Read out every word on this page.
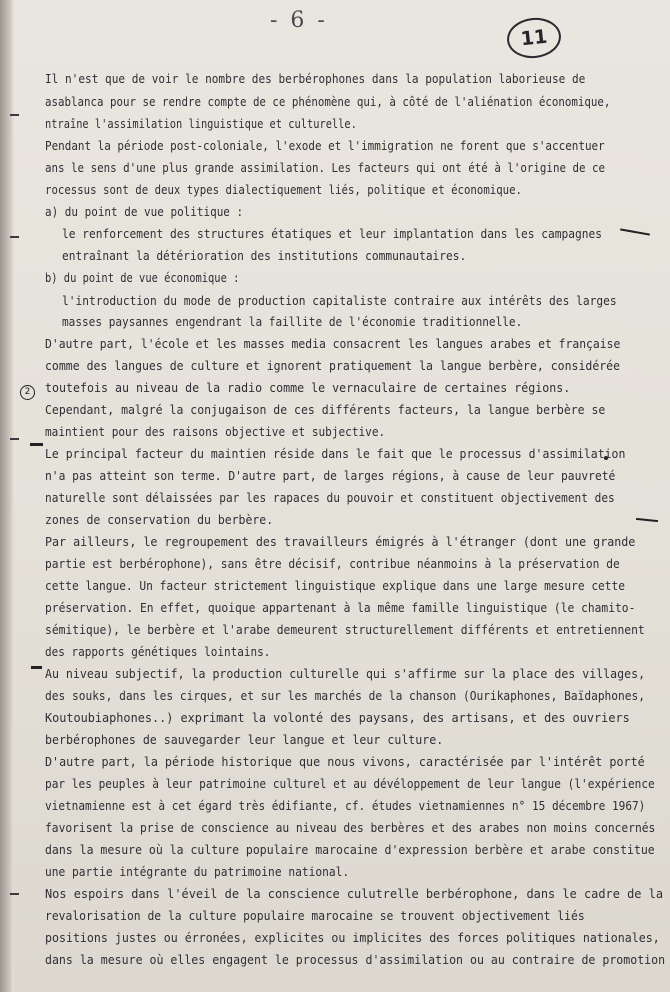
- 6 -
11
2
Il n'est que de voir le nombre des berbérophones dans la population laborieuse de
asablanca pour se rendre compte de ce phénomène qui, à côté de l'aliénation économique,
ntraîne l'assimilation linguistique et culturelle.
Pendant la période post-coloniale, l'exode et l'immigration ne forent que s'accentuer
ans le sens d'une plus grande assimilation. Les facteurs qui ont été à l'origine de ce
rocessus sont de deux types dialectiquement liés, politique et économique.
a) du point de vue politique :
le renforcement des structures étatiques et leur implantation dans les campagnes
entraînant la détérioration des institutions communautaires.
b) du point de vue économique :
l'introduction du mode de production capitaliste contraire aux intérêts des larges
masses paysannes engendrant la faillite de l'économie traditionnelle.
D'autre part, l'école et les masses media consacrent les langues arabes et française
comme des langues de culture et ignorent pratiquement la langue berbère, considérée
toutefois au niveau de la radio comme le vernaculaire de certaines régions.
Cependant, malgré la conjugaison de ces différents facteurs, la langue berbère se
maintient pour des raisons objective et subjective.
Le principal facteur du maintien réside dans le fait que le processus d'assimilation
n'a pas atteint son terme. D'autre part, de larges régions, à cause de leur pauvreté
naturelle sont délaissées par les rapaces du pouvoir et constituent objectivement des
zones de conservation du berbère.
Par ailleurs, le regroupement des travailleurs émigrés à l'étranger (dont une grande
partie est berbérophone), sans être décisif, contribue néanmoins à la préservation de
cette langue. Un facteur strictement linguistique explique dans une large mesure cette
préservation. En effet, quoique appartenant à la même famille linguistique (le chamito-
sémitique), le berbère et l'arabe demeurent structurellement différents et entretiennent
des rapports génétiques lointains.
Au niveau subjectif, la production culturelle qui s'affirme sur la place des villages,
des souks, dans les cirques, et sur les marchés de la chanson (Ourikaphones, Baïdaphones,
Koutoubiaphones..) exprimant la volonté des paysans, des artisans, et des ouvriers
berbérophones de sauvegarder leur langue et leur culture.
D'autre part, la période historique que nous vivons, caractérisée par l'intérêt porté
par les peuples à leur patrimoine culturel et au dévéloppement de leur langue (l'expérience
vietnamienne est à cet égard très édifiante, cf. études vietnamiennes n° 15 décembre 1967)
favorisent la prise de conscience au niveau des berbères et des arabes non moins concernés
dans la mesure où la culture populaire marocaine d'expression berbère et arabe constitue
une partie intégrante du patrimoine national.
Nos espoirs dans l'éveil de la conscience culutrelle berbérophone, dans le cadre de la
revalorisation de la culture populaire marocaine se trouvent objectivement liés
positions justes ou érronées, explicites ou implicites des forces politiques nationales,
dans la mesure où elles engagent le processus d'assimilation ou au contraire de promotion
